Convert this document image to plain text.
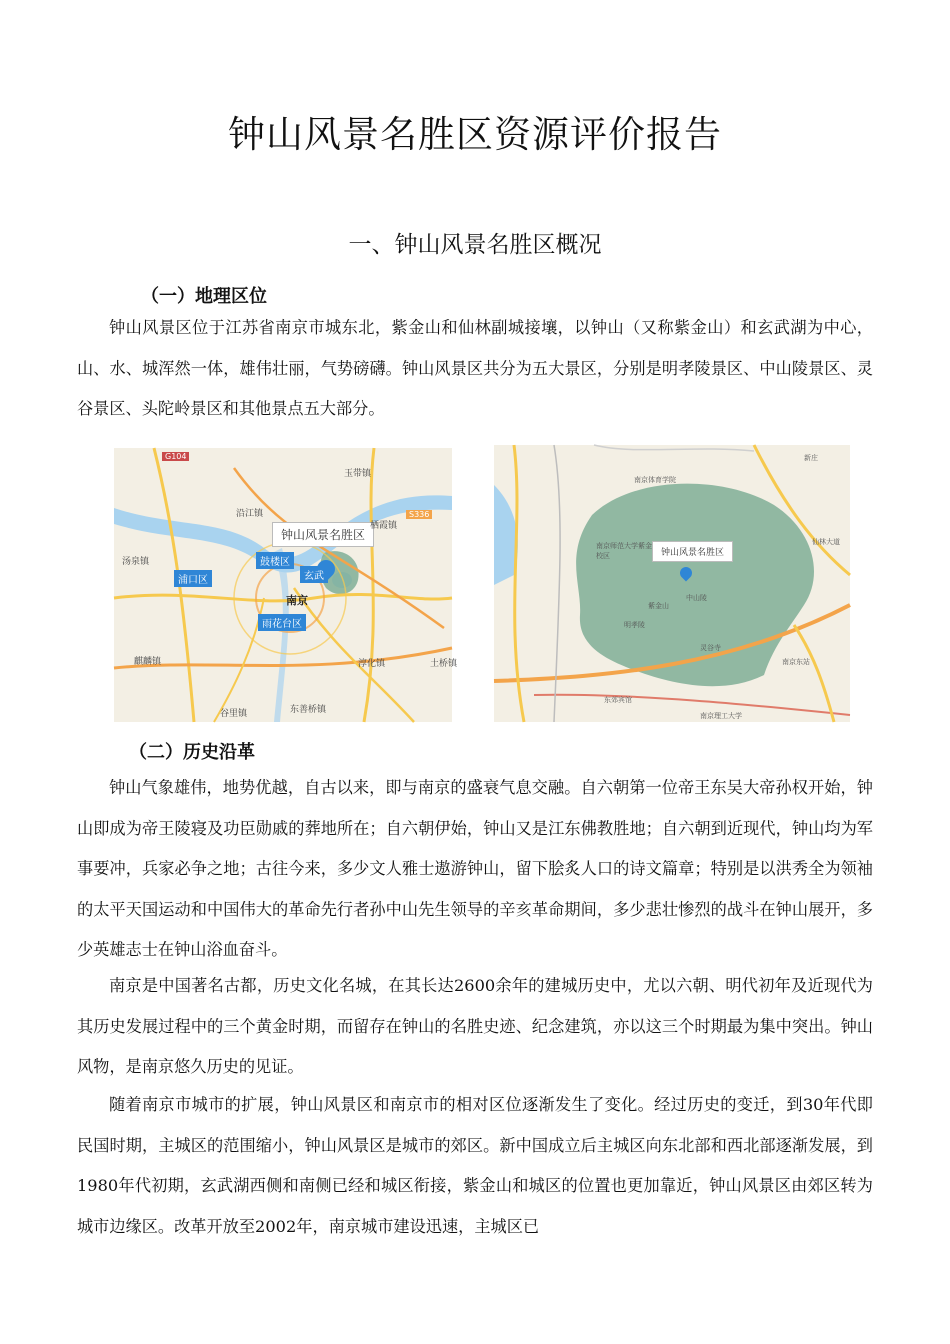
钟山风景名胜区资源评价报告
一、钟山风景名胜区概况
（一）地理区位

钟山风景区位于江苏省南京市城东北，紫金山和仙林副城接壤，以钟山（又称紫金山）和玄武湖为中心，山、水、城浑然一体，雄伟壮丽，气势磅礴。钟山风景区共分为五大景区，分别是明孝陵景区、中山陵景区、灵谷景区、头陀岭景区和其他景点五大部分。

G104
S336
钟山风景名胜区
玉带镇
沿江镇
汤泉镇
栖霞镇
南京
淳化镇	土桥镇
谷里镇	东善桥镇
麒麟镇
鼓楼区
浦口区	玄武
雨花台区
钟山风景名胜区
南京师范大学紫金校区
中山陵
明孝陵
灵谷寺
南京理工大学
仙林大道
南京体育学院
紫金山
东郊宾馆
南京东站
新庄
（二）历史沿革

钟山气象雄伟，地势优越，自古以来，即与南京的盛衰气息交融。自六朝第一位帝王东吴大帝孙权开始，钟山即成为帝王陵寝及功臣勋戚的葬地所在；自六朝伊始，钟山又是江东佛教胜地；自六朝到近现代，钟山均为军事要冲，兵家必争之地；古往今来，多少文人雅士遨游钟山，留下脍炙人口的诗文篇章；特别是以洪秀全为领袖的太平天国运动和中国伟大的革命先行者孙中山先生领导的辛亥革命期间，多少悲壮惨烈的战斗在钟山展开，多少英雄志士在钟山浴血奋斗。

南京是中国著名古都，历史文化名城，在其长达2600余年的建城历史中，尤以六朝、明代初年及近现代为其历史发展过程中的三个黄金时期，而留存在钟山的名胜史迹、纪念建筑，亦以这三个时期最为集中突出。钟山风物，是南京悠久历史的见证。

随着南京市城市的扩展，钟山风景区和南京市的相对区位逐渐发生了变化。经过历史的变迁，到30年代即民国时期，主城区的范围缩小，钟山风景区是城市的郊区。新中国成立后主城区向东北部和西北部逐渐发展，到1980年代初期，玄武湖西侧和南侧已经和城区衔接，紫金山和城区的位置也更加靠近，钟山风景区由郊区转为城市边缘区。改革开放至2002年，南京城市建设迅速，主城区已
